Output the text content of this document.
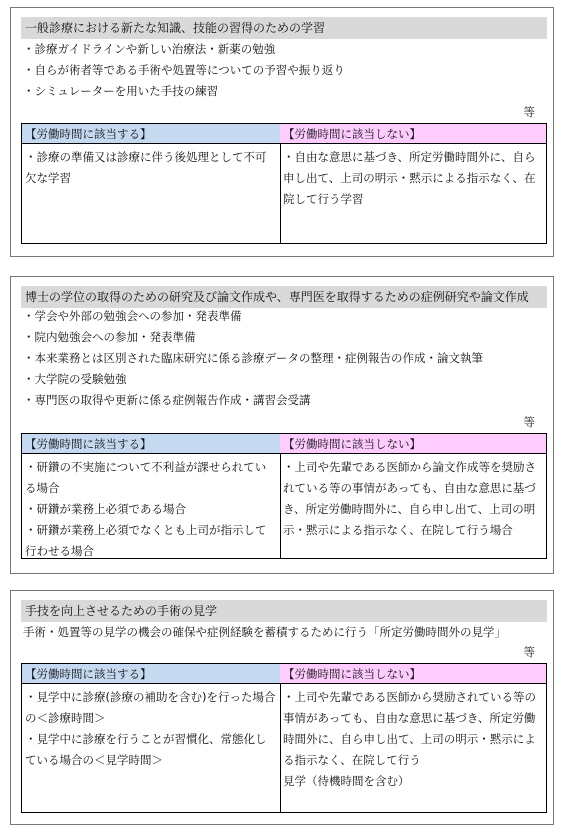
一般診療における新たな知識、技能の習得のための学習
・診療ガイドラインや新しい治療法・新薬の勉強
・自らが術者等である手術や処置等についての予習や振り返り
・シミュレーターを用いた手技の練習
等
【労働時間に該当する】

・診療の準備又は診療に伴う後処理として不可欠な学習

【労働時間に該当しない】

・自由な意思に基づき、所定労働時間外に、自ら申し出て、上司の明示・黙示による指示なく、在院して行う学習

博士の学位の取得のための研究及び論文作成や、専門医を取得するための症例研究や論文作成
・学会や外部の勉強会への参加・発表準備
・院内勉強会への参加・発表準備
・本来業務とは区別された臨床研究に係る診療データの整理・症例報告の作成・論文執筆
・大学院の受験勉強
・専門医の取得や更新に係る症例報告作成・講習会受講
等
【労働時間に該当する】

・研鑽の不実施について不利益が課せられている場合

・研鑽が業務上必須である場合

・研鑽が業務上必須でなくとも上司が指示して行わせる場合

【労働時間に該当しない】

・上司や先輩である医師から論文作成等を奨励されている等の事情があっても、自由な意思に基づき、所定労働時間外に、自ら申し出て、上司の明示・黙示による指示なく、在院して行う場合

手技を向上させるための手術の見学
手術・処置等の見学の機会の確保や症例経験を蓄積するために行う「所定労働時間外の見学」
等
【労働時間に該当する】

・見学中に診療(診療の補助を含む)を行った場合の＜診療時間＞

・見学中に診療を行うことが習慣化、常態化している場合の＜見学時間＞

【労働時間に該当しない】

・上司や先輩である医師から奨励されている等の事情があっても、自由な意思に基づき、所定労働時間外に、自ら申し出て、上司の明示・黙示による指示なく、在院して行う

見学（待機時間を含む）
